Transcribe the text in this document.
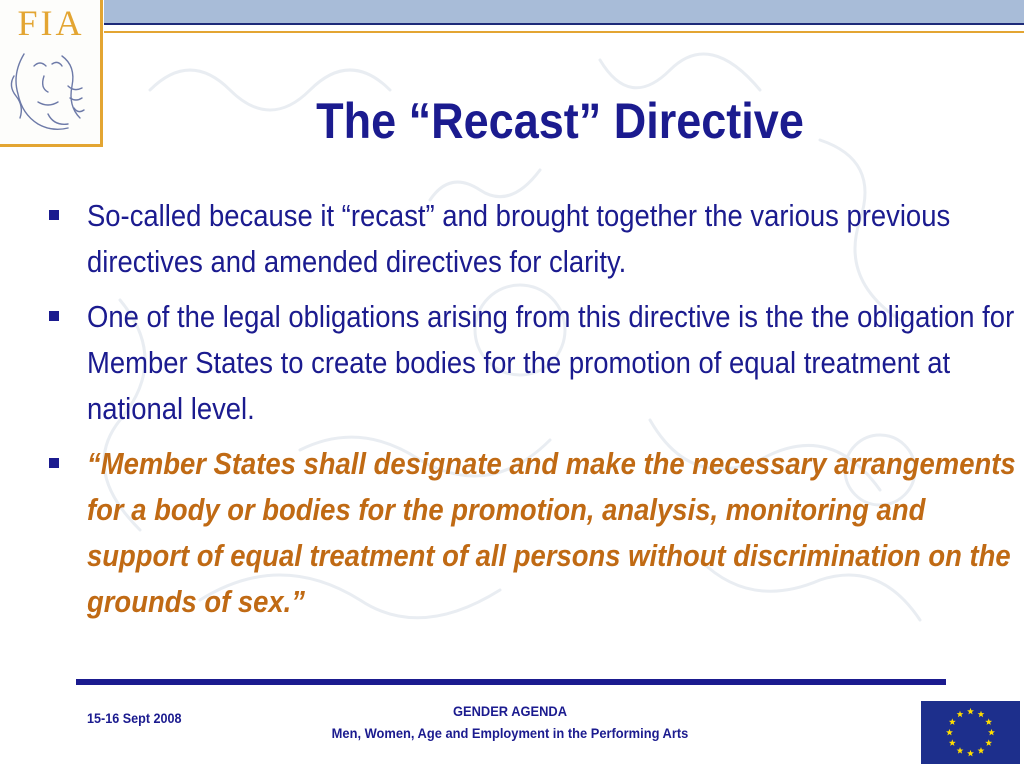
FIA
The “Recast” Directive
So-called because it “recast” and brought together the various previous directives and amended directives for clarity.
One of the legal obligations arising from this directive is the the obligation for Member States to create bodies for the promotion of equal treatment at national level.
“Member States shall designate and make the necessary arrangements for a body or bodies for the promotion, analysis, monitoring and support of equal treatment of all persons without discrimination on the grounds of sex.”
15-16 Sept 2008	GENDER AGENDA
Men, Women, Age and Employment in the Performing Arts
